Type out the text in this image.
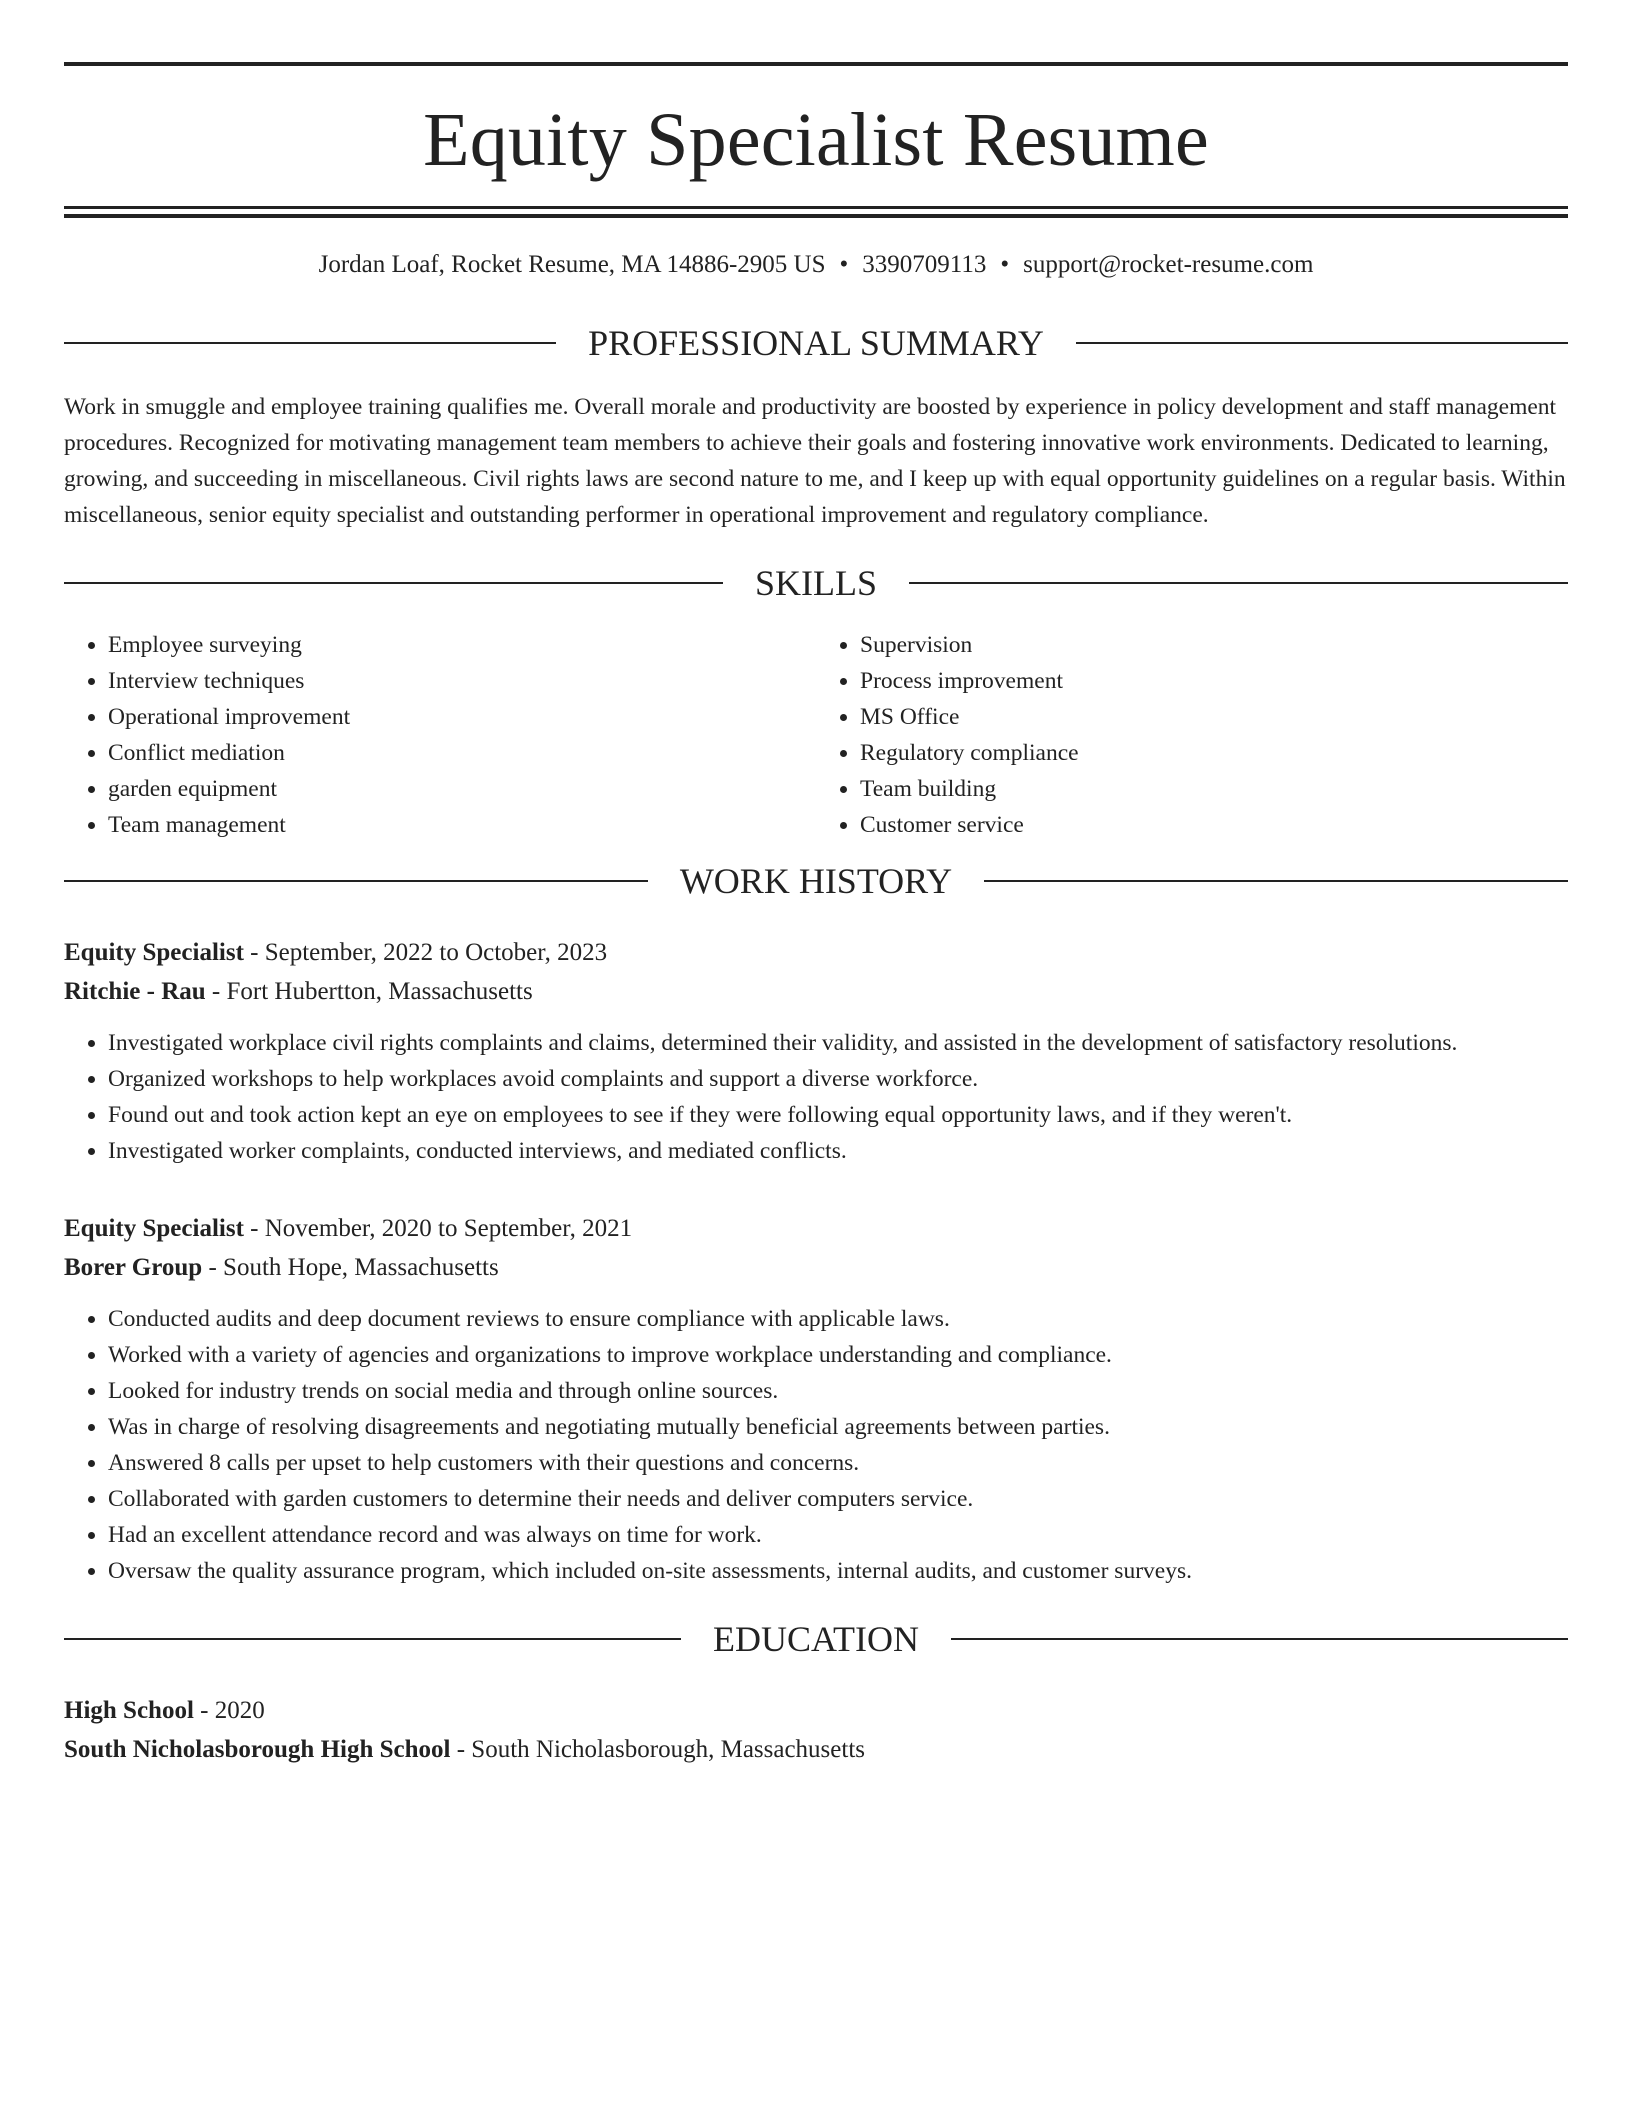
Equity Specialist Resume
Jordan Loaf, Rocket Resume, MA 14886-2905 US • 3390709113 • support@rocket-resume.com
PROFESSIONAL SUMMARY

Work in smuggle and employee training qualifies me. Overall morale and productivity are boosted by experience in policy development and staff management procedures. Recognized for motivating management team members to achieve their goals and fostering innovative work environments. Dedicated to learning, growing, and succeeding in miscellaneous. Civil rights laws are second nature to me, and I keep up with equal opportunity guidelines on a regular basis. Within miscellaneous, senior equity specialist and outstanding performer in operational improvement and regulatory compliance.

SKILLS
• Employee surveying
• Interview techniques
• Operational improvement
• Conflict mediation
• garden equipment
• Team management
• Supervision
• Process improvement
• MS Office
• Regulatory compliance
• Team building
• Customer service
WORK HISTORY
Equity Specialist - September, 2022 to October, 2023
Ritchie - Rau - Fort Hubertton, Massachusetts
• Investigated workplace civil rights complaints and claims, determined their validity, and assisted in the development of satisfactory resolutions.
• Organized workshops to help workplaces avoid complaints and support a diverse workforce.
• Found out and took action kept an eye on employees to see if they were following equal opportunity laws, and if they weren't.
• Investigated worker complaints, conducted interviews, and mediated conflicts.
Equity Specialist - November, 2020 to September, 2021
Borer Group - South Hope, Massachusetts
• Conducted audits and deep document reviews to ensure compliance with applicable laws.
• Worked with a variety of agencies and organizations to improve workplace understanding and compliance.
• Looked for industry trends on social media and through online sources.
• Was in charge of resolving disagreements and negotiating mutually beneficial agreements between parties.
• Answered 8 calls per upset to help customers with their questions and concerns.
• Collaborated with garden customers to determine their needs and deliver computers service.
• Had an excellent attendance record and was always on time for work.
• Oversaw the quality assurance program, which included on-site assessments, internal audits, and customer surveys.
EDUCATION
High School - 2020
South Nicholasborough High School - South Nicholasborough, Massachusetts
